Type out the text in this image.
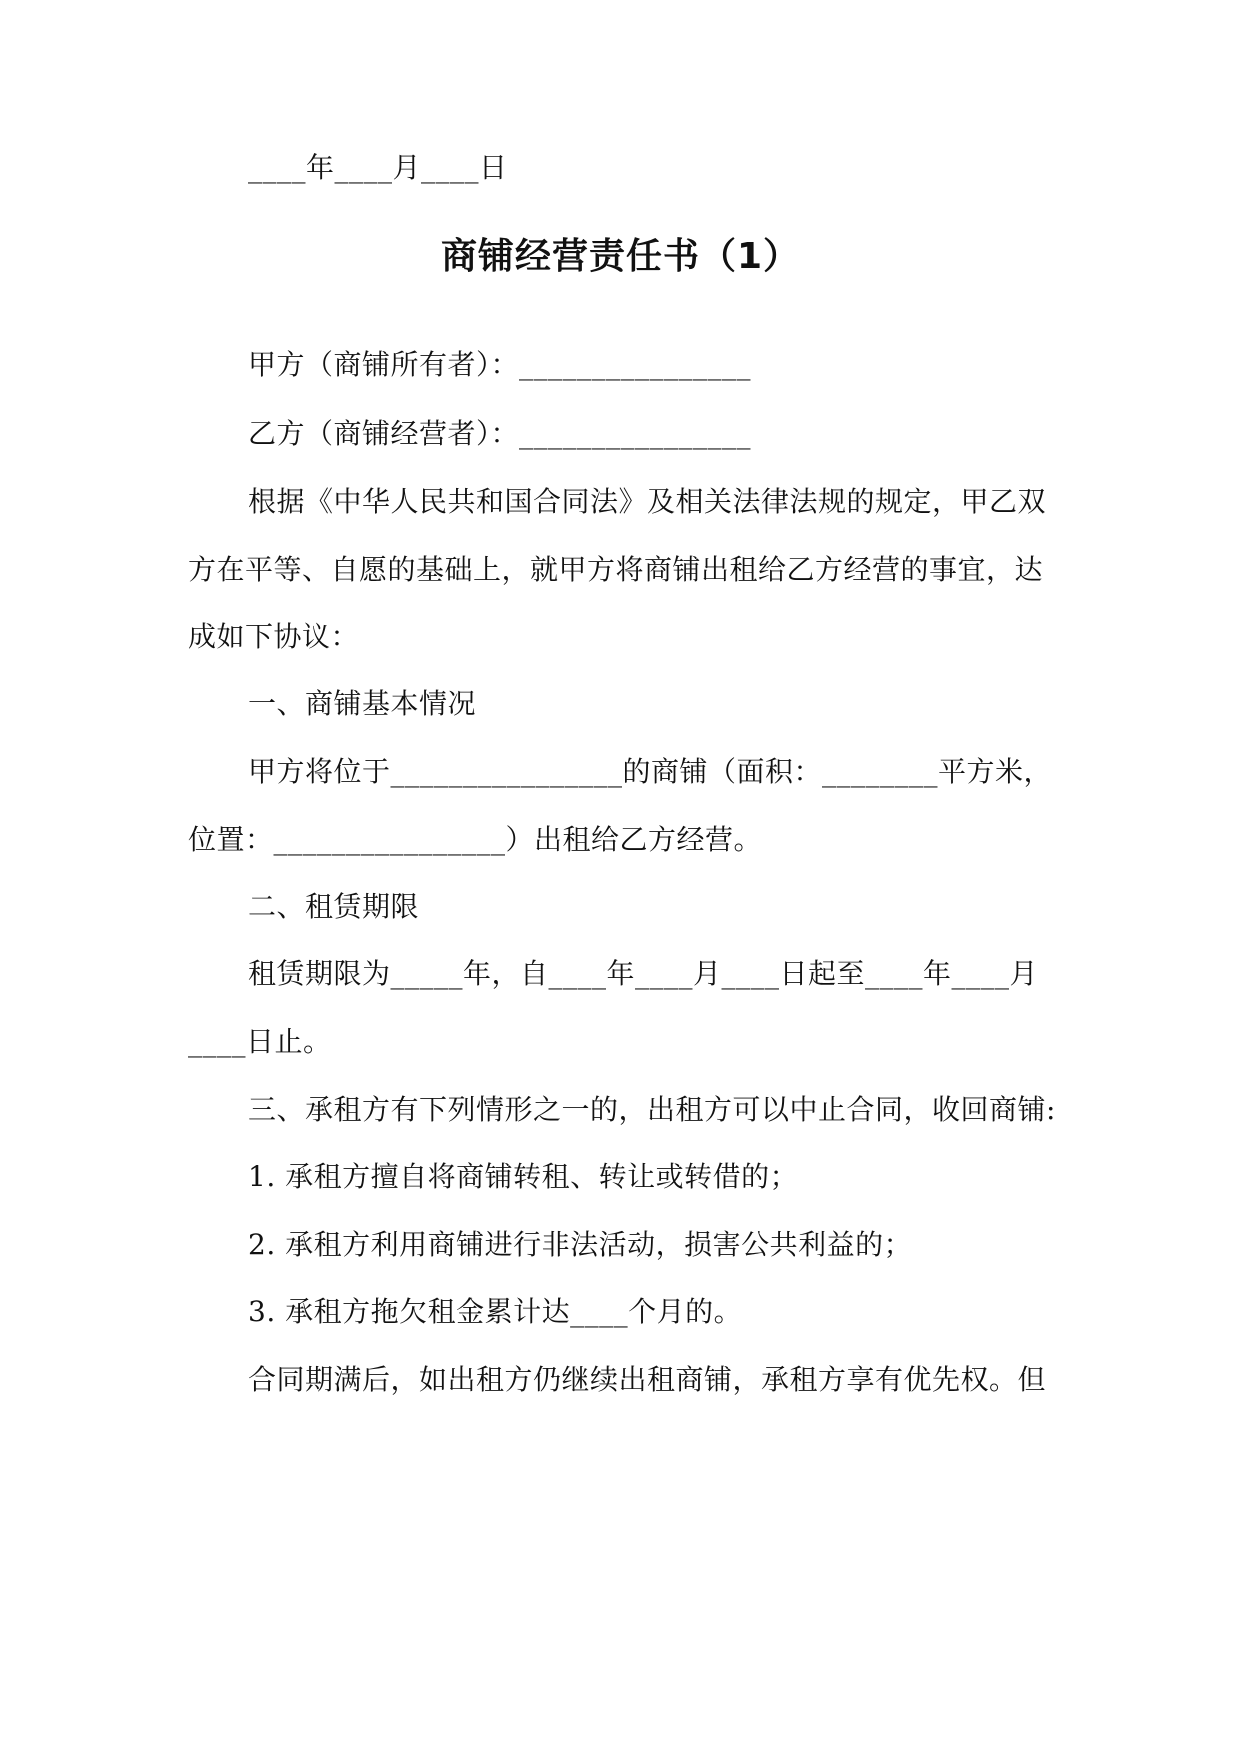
____年____月____日
商铺经营责任书（1）
甲方（商铺所有者）：________________
乙方（商铺经营者）：________________
根据《中华人民共和国合同法》及相关法律法规的规定，甲乙双
方在平等、自愿的基础上，就甲方将商铺出租给乙方经营的事宜，达
成如下协议：
一、商铺基本情况
甲方将位于________________的商铺（面积：________平方米，
位置：________________）出租给乙方经营。
二、租赁期限
租赁期限为_____年，自____年____月____日起至____年____月
____日止。
三、承租方有下列情形之一的，出租方可以中止合同，收回商铺:
1. 承租方擅自将商铺转租、转让或转借的；
2. 承租方利用商铺进行非法活动，损害公共利益的；
3. 承租方拖欠租金累计达____个月的。
合同期满后，如出租方仍继续出租商铺，承租方享有优先权。但
